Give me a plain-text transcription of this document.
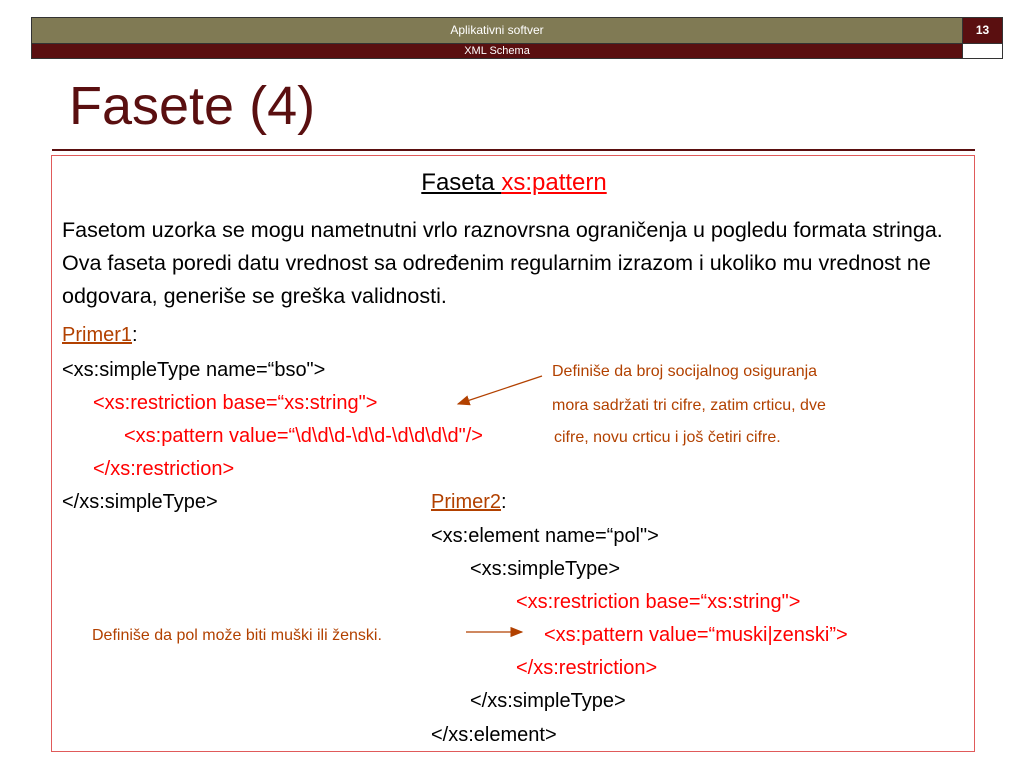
Aplikativni softver	13
XML Schema
Fasete (4)
Faseta xs:pattern

Fasetom uzorka se mogu nametnutni vrlo raznovrsna ograničenja u pogledu formata stringa. Ova faseta poredi datu vrednost sa određenim regularnim izrazom i ukoliko mu vrednost ne odgovara, generiše se greška validnosti.

Primer1:
<xs:simpleType name=“bso">
<xs:restriction base=“xs:string">
<xs:pattern value=“\d\d\d-\d\d-\d\d\d\d"/>
</xs:restriction>
</xs:simpleType>
Definiše da broj socijalnog osiguranja
mora sadržati tri cifre, zatim crticu, dve
cifre, novu crticu i još četiri cifre.
Primer2:
<xs:element name=“pol">
<xs:simpleType>
<xs:restriction base=“xs:string">
<xs:pattern value=“muski|zenski”>
</xs:restriction>
</xs:simpleType>
</xs:element>
Definiše da pol može biti muški ili ženski.
